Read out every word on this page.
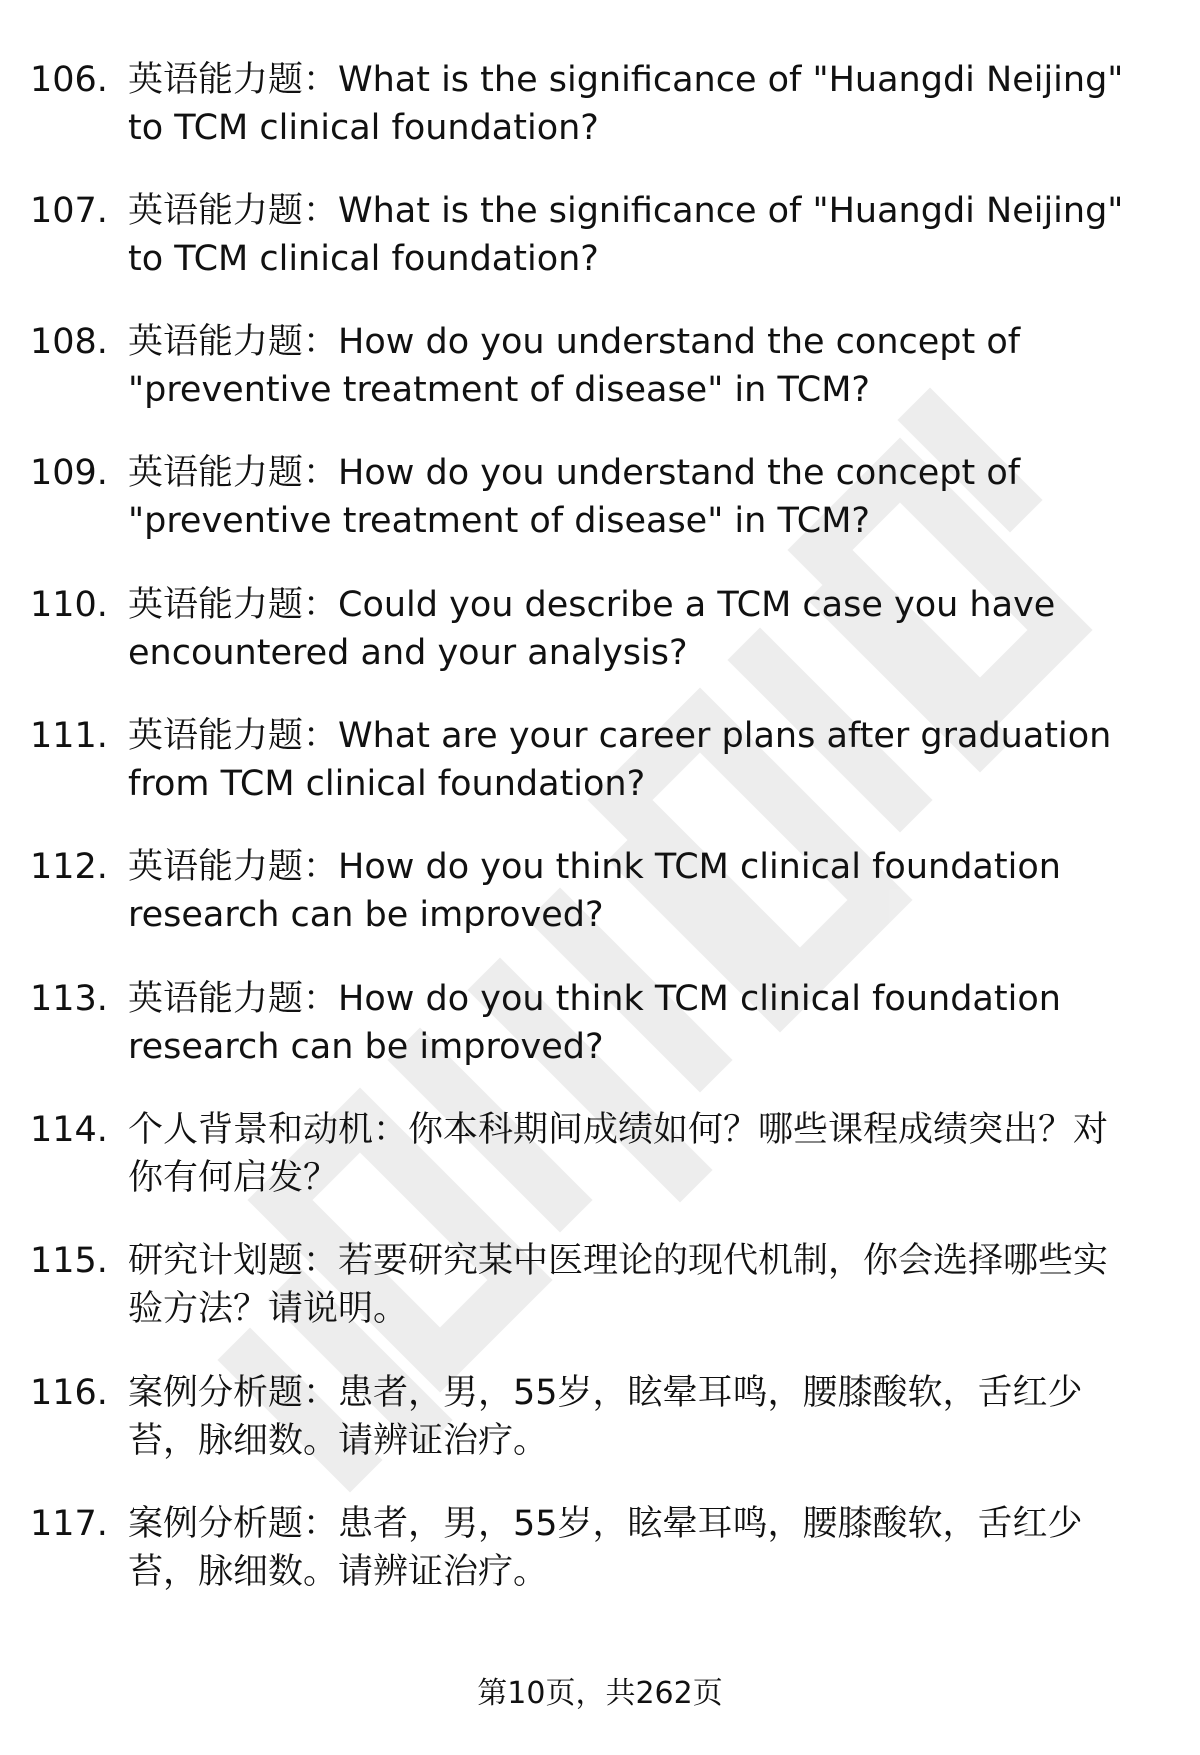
106. 英语能力题：What is the significance of "Huangdi Neijing"
to TCM clinical foundation?
107. 英语能力题：What is the significance of "Huangdi Neijing"
to TCM clinical foundation?
108. 英语能力题：How do you understand the concept of
"preventive treatment of disease" in TCM?
109. 英语能力题：How do you understand the concept of
"preventive treatment of disease" in TCM?
110. 英语能力题：Could you describe a TCM case you have
encountered and your analysis?
111. 英语能力题：What are your career plans after graduation
from TCM clinical foundation?
112. 英语能力题：How do you think TCM clinical foundation
research can be improved?
113. 英语能力题：How do you think TCM clinical foundation
research can be improved?
114. 个人背景和动机：你本科期间成绩如何？哪些课程成绩突出？对
你有何启发？
115. 研究计划题：若要研究某中医理论的现代机制，你会选择哪些实
验方法？请说明。
116. 案例分析题：患者，男，55岁，眩晕耳鸣，腰膝酸软，舌红少
苔，脉细数。请辨证治疗。
117. 案例分析题：患者，男，55岁，眩晕耳鸣，腰膝酸软，舌红少
苔，脉细数。请辨证治疗。
第10页，共262页
